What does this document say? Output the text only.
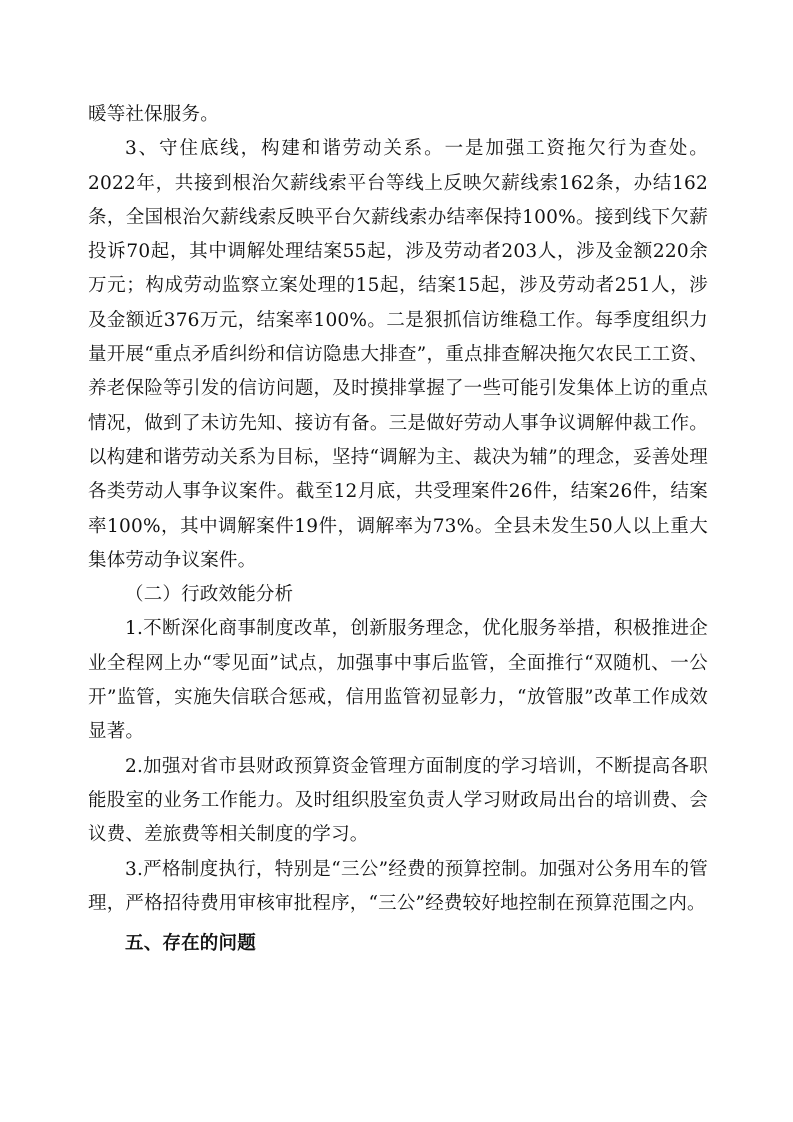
暖等社保服务。

3、守住底线，构建和谐劳动关系。一是加强工资拖欠行为查处。2022年，共接到根治欠薪线索平台等线上反映欠薪线索162条，办结162条，全国根治欠薪线索反映平台欠薪线索办结率保持100%。接到线下欠薪投诉70起，其中调解处理结案55起，涉及劳动者203人，涉及金额220余万元；构成劳动监察立案处理的15起，结案15起，涉及劳动者251人，涉及金额近376万元，结案率100%。二是狠抓信访维稳工作。每季度组织力量开展“重点矛盾纠纷和信访隐患大排查”，重点排查解决拖欠农民工工资、养老保险等引发的信访问题，及时摸排掌握了一些可能引发集体上访的重点情况，做到了未访先知、接访有备。三是做好劳动人事争议调解仲裁工作。以构建和谐劳动关系为目标，坚持“调解为主、裁决为辅”的理念，妥善处理各类劳动人事争议案件。截至12月底，共受理案件26件，结案26件，结案率100%，其中调解案件19件，调解率为73%。全县未发生50人以上重大集体劳动争议案件。

（二）行政效能分析

1.不断深化商事制度改革，创新服务理念，优化服务举措，积极推进企业全程网上办“零见面”试点，加强事中事后监管，全面推行“双随机、一公开”监管，实施失信联合惩戒，信用监管初显彰力，“放管服”改革工作成效显著。

2.加强对省市县财政预算资金管理方面制度的学习培训，不断提高各职能股室的业务工作能力。及时组织股室负责人学习财政局出台的培训费、会议费、差旅费等相关制度的学习。

3.严格制度执行，特别是“三公”经费的预算控制。加强对公务用车的管理，严格招待费用审核审批程序，“三公”经费较好地控制在预算范围之内。

五、存在的问题
